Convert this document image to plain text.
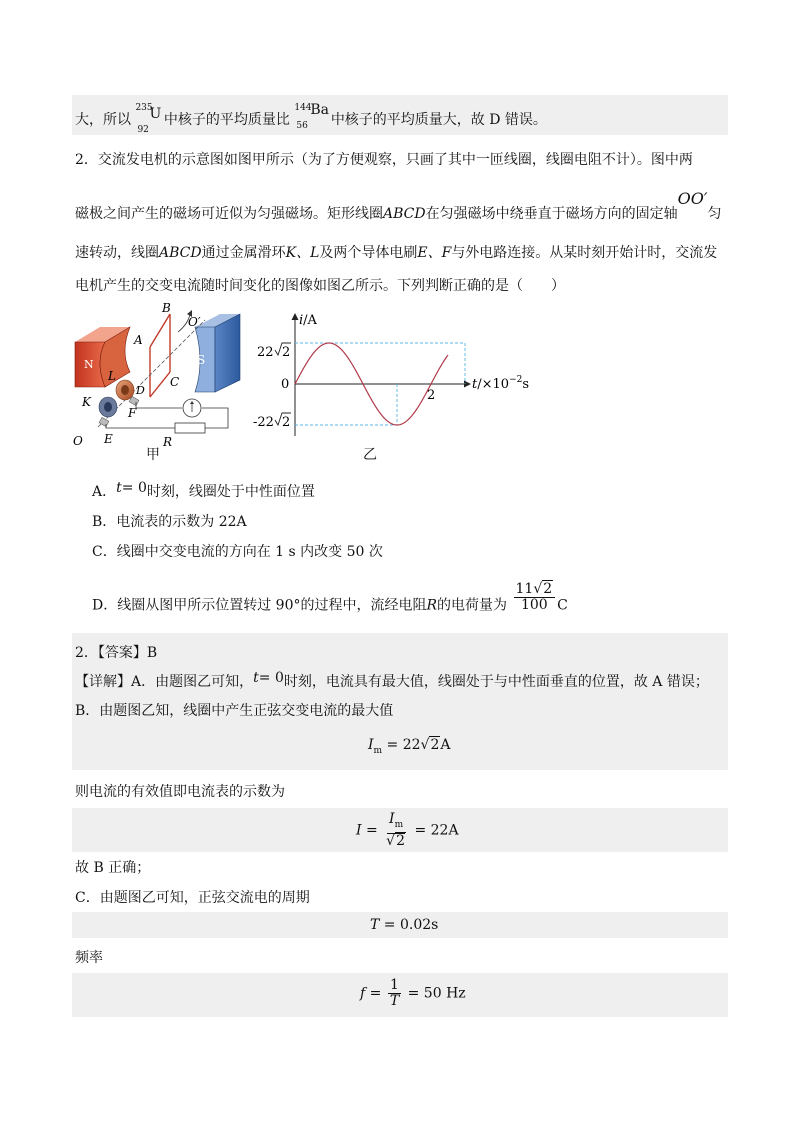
大，所以
235
92
U 中核子的平均质量比
144
56
Ba
中核子的平均质量大，故 D 错误。
2．交流发电机的示意图如图甲所示（为了方便观察，只画了其中一匝线圈，线圈电阻不计）。图中两
磁极之间产生的磁场可近似为匀强磁场。矩形线圈ABCD在匀强磁场中绕垂直于磁场方向的固定轴OO′匀
速转动，线圈ABCD通过金属滑环K、L及两个导体电刷E、F与外电路连接。从某时刻开始计时，交流发
电机产生的交变电流随时间变化的图像如图乙所示。下列判断正确的是（　　）
N	S
B
A
O′
L	C
D
K
F
O E	R
甲
i/A
$t/\times 10^{-2}s$
22 2
0
-22 2
2
乙
A．t= 0时刻，线圈处于中性面位置
B．电流表的示数为 22A
C．线圈中交变电流的方向在 1 s 内改变 50 次
D．线圈从图甲所示位置转过 90°的过程中，流经电阻R的电荷量为 $\frac{11√2}{100}$ C
2．【答案】B
【详解】A．由题图乙可知，t= 0时刻，电流具有最大值，线圈处于与中性面垂直的位置，故 A 错误；
B．由题图乙知，线圈中产生正弦交变电流的最大值
$I_m = 22√2A$
则电流的有效值即电流表的示数为
$I = \frac{I_m}{√2} = 22A$
故 B 正确；
C．由题图乙可知，正弦交流电的周期
T = 0.02s
频率
$f = \frac{1}{T} = 50$ Hz
